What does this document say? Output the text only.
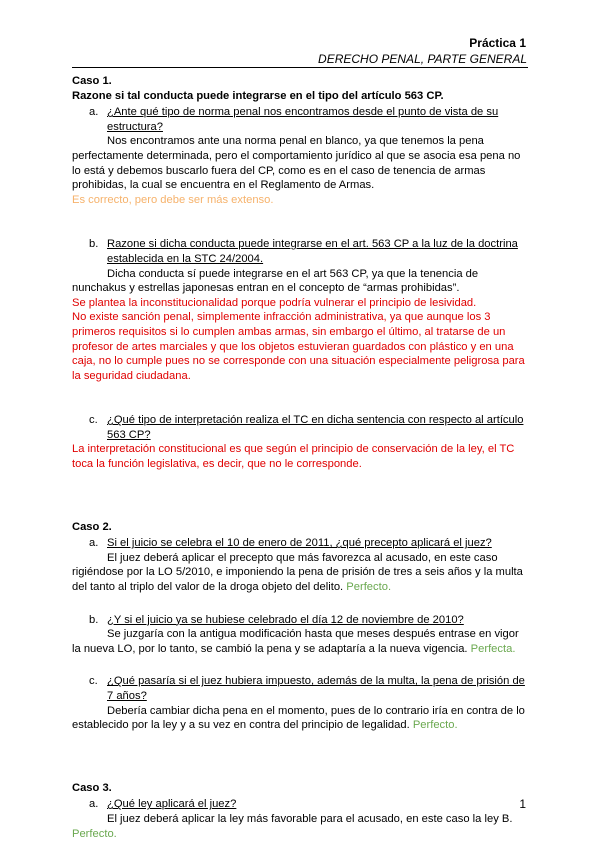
Práctica 1
DERECHO PENAL, PARTE GENERAL
Caso 1.
Razone si tal conducta puede integrarse en el tipo del artículo 563 CP.
a. ¿Ante qué tipo de norma penal nos encontramos desde el punto de vista de su estructura?
Nos encontramos ante una norma penal en blanco, ya que tenemos la pena perfectamente determinada, pero el comportamiento jurídico al que se asocia esa pena no lo está y debemos buscarlo fuera del CP, como es en el caso de tenencia de armas prohibidas, la cual se encuentra en el Reglamento de Armas.
Es correcto, pero debe ser más extenso.
b. Razone si dicha conducta puede integrarse en el art. 563 CP a la luz de la doctrina establecida en la STC 24/2004.
Dicha conducta sí puede integrarse en el art 563 CP, ya que la tenencia de nunchakus y estrellas japonesas entran en el concepto de “armas prohibidas”.
Se plantea la inconstitucionalidad porque podría vulnerar el principio de lesividad.
No existe sanción penal, simplemente infracción administrativa, ya que aunque los 3 primeros requisitos si lo cumplen ambas armas, sin embargo el último, al tratarse de un profesor de artes marciales y que los objetos estuvieran guardados con plástico y en una caja, no lo cumple pues no se corresponde con una situación especialmente peligrosa para la seguridad ciudadana.
c. ¿Qué tipo de interpretación realiza el TC en dicha sentencia con respecto al artículo 563 CP?
La interpretación constitucional es que según el principio de conservación de la ley, el TC toca la función legislativa, es decir, que no le corresponde.
Caso 2.
a. Si el juicio se celebra el 10 de enero de 2011, ¿qué precepto aplicará el juez?
El juez deberá aplicar el precepto que más favorezca al acusado, en este caso rigiéndose por la LO 5/2010, e imponiendo la pena de prisión de tres a seis años y la multa del tanto al triplo del valor de la droga objeto del delito. Perfecto.
b. ¿Y si el juicio ya se hubiese celebrado el día 12 de noviembre de 2010?
Se juzgaría con la antigua modificación hasta que meses después entrase en vigor la nueva LO, por lo tanto, se cambió la pena y se adaptaría a la nueva vigencia. Perfecta.
c. ¿Qué pasaría si el juez hubiera impuesto, además de la multa, la pena de prisión de 7 años?
Debería cambiar dicha pena en el momento, pues de lo contrario iría en contra de lo establecido por la ley y a su vez en contra del principio de legalidad. Perfecto.
Caso 3.
a. ¿Qué ley aplicará el juez?
El juez deberá aplicar la ley más favorable para el acusado, en este caso la ley B.
Perfecto.
1
